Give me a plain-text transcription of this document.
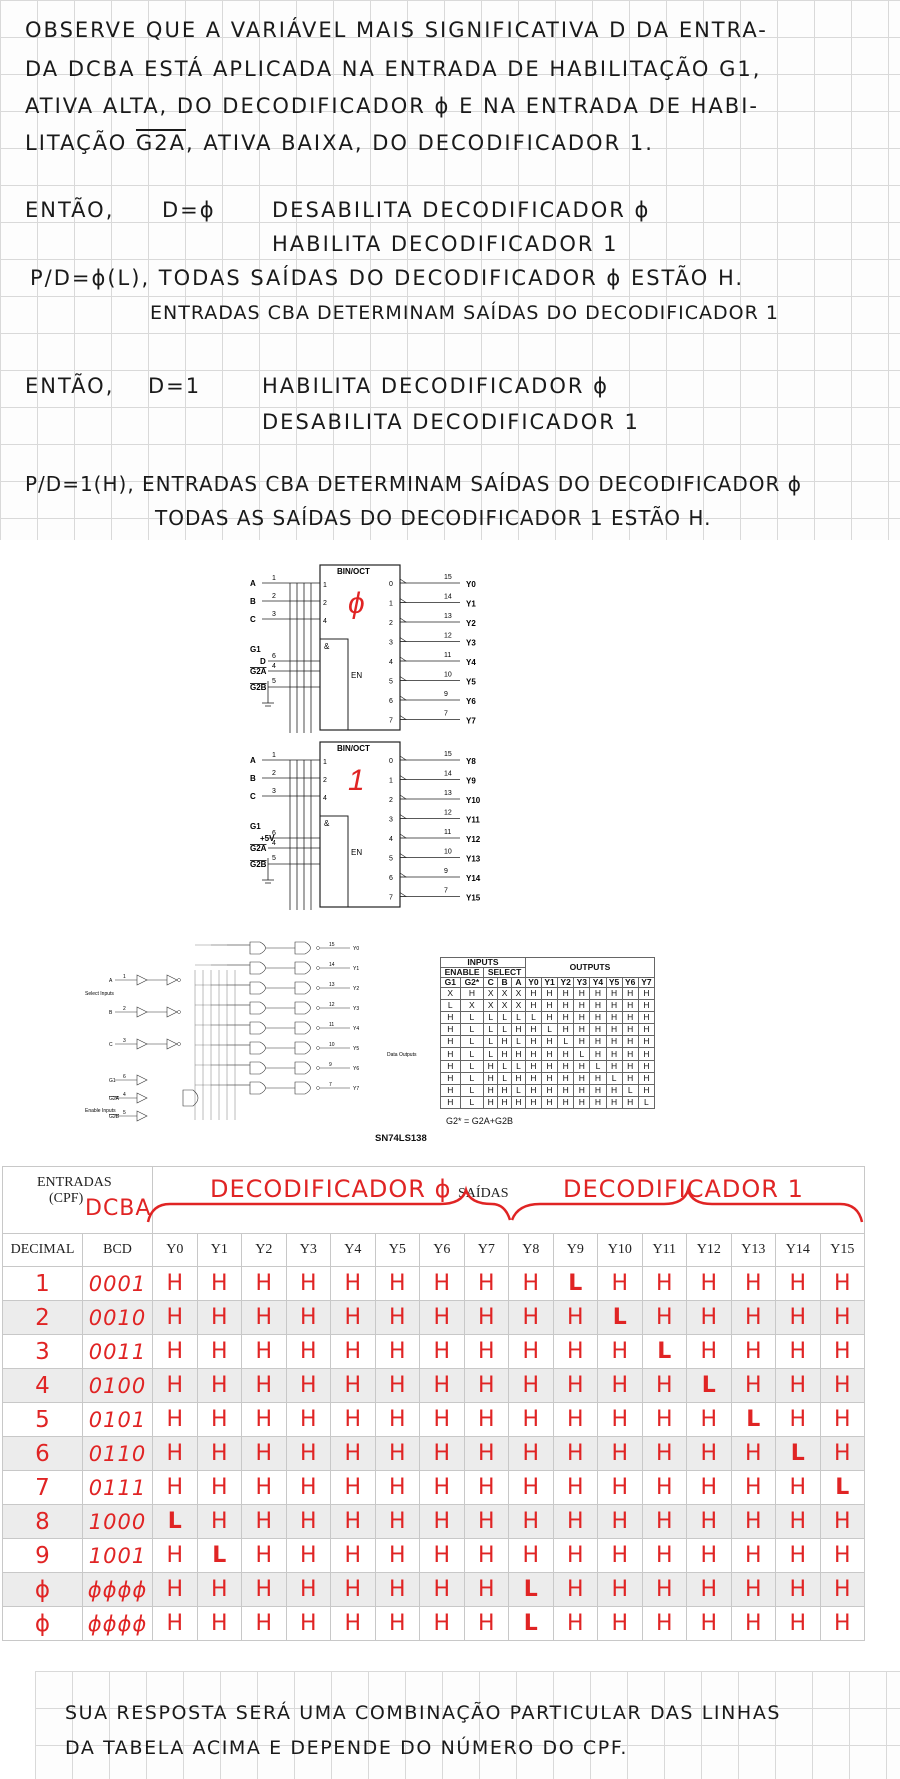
OBSERVE QUE A VARIÁVEL MAIS SIGNIFICATIVA D DA ENTRA-
DA DCBA ESTÁ APLICADA NA ENTRADA DE HABILITAÇÃO G1,
ATIVA ALTA, DO DECODIFICADOR ϕ E NA ENTRADA DE HABI-
LITAÇÃO G2A, ATIVA BAIXA, DO DECODIFICADOR 1.
ENTÃO, D=ϕ	DESABILITA DECODIFICADOR ϕ
HABILITA DECODIFICADOR 1
P/D=ϕ(L), TODAS SAÍDAS DO DECODIFICADOR ϕ ESTÃO H.
ENTRADAS CBA DETERMINAM SAÍDAS DO DECODIFICADOR 1
ENTÃO, D=1	HABILITA DECODIFICADOR ϕ
DESABILITA DECODIFICADOR 1
P/D=1(H), ENTRADAS CBA DETERMINAM SAÍDAS DO DECODIFICADOR ϕ
TODAS AS SAÍDAS DO DECODIFICADOR 1 ESTÃO H.
BIN/OCT
&
EN
ϕ
1
2
4
0
15
Y0
1
14
Y1
2
13
Y2
3
12
Y3
4
11
Y4
5
10
Y5
6
9
Y6
7
7
Y7
A
B
C
G1
D
G2A
G2B
1
2
3
6
4
5
BIN/OCT
&
EN
1
1
2
4
0
15
Y8
1
14
Y9
2
13
Y10
3
12
Y11
4
11
Y12
5
10
Y13
6
9
Y14
7
7
Y15
A
B
C
G1
+5V
G2A
G2B
1
2
3
6
4
5
Select Inputs
Enable Inputs
Data Outputs
A
1
B
2
C
3
G1
6
G2A
4
G2B
5
15
Y0
14
Y1
13
Y2
12
Y3
11
Y4
10
Y5
9
Y6
7
Y7
INPUTS					OUTPUTS							
ENABLE		SELECT										
G1	G2*	C	B	A	Y0	Y1	Y2	Y3	Y4	Y5	Y6	Y7
X	H	X	X	X	H	H	H	H	H	H	H	H
L	X	X	X	X	H	H	H	H	H	H	H	H
H	L	L	L	L	L	H	H	H	H	H	H	H
H	L	L	L	H	H	L	H	H	H	H	H	H
H	L	L	H	L	H	H	L	H	H	H	H	H
H	L	L	H	H	H	H	H	L	H	H	H	H
H	L	H	L	L	H	H	H	H	L	H	H	H
H	L	H	L	H	H	H	H	H	H	L	H	H
H	L	H	H	L	H	H	H	H	H	H	L	H
H	L	H	H	H	H	H	H	H	H	H	H	L
G2* = G2A+G2B
SN74LS138
ENTRADAS
(CPF)		SAÍDAS															

DECIMAL	BCD	Y0	Y1	Y2	Y3	Y4	Y5	Y6	Y7	Y8	Y9	Y10	Y11	Y12	Y13	Y14	Y15
1	0001	H	H	H	H	H	H	H	H	H	L	H	H	H	H	H	H
2	0010	H	H	H	H	H	H	H	H	H	H	L	H	H	H	H	H
3	0011	H	H	H	H	H	H	H	H	H	H	H	L	H	H	H	H
4	0100	H	H	H	H	H	H	H	H	H	H	H	H	L	H	H	H
5	0101	H	H	H	H	H	H	H	H	H	H	H	H	H	L	H	H
6	0110	H	H	H	H	H	H	H	H	H	H	H	H	H	H	L	H
7	0111	H	H	H	H	H	H	H	H	H	H	H	H	H	H	H	L
8	1000	L	H	H	H	H	H	H	H	H	H	H	H	H	H	H	H
9	1001	H	L	H	H	H	H	H	H	H	H	H	H	H	H	H	H
ϕ	ϕϕϕϕ	H	H	H	H	H	H	H	H	L	H	H	H	H	H	H	H
ϕ	ϕϕϕϕ	H	H	H	H	H	H	H	H	L	H	H	H	H	H	H	H
DCBA
DECODIFICADOR ϕ	DECODIFICADOR 1
SUA RESPOSTA SERÁ UMA COMBINAÇÃO PARTICULAR DAS LINHAS
DA TABELA ACIMA E DEPENDE DO NÚMERO DO CPF.
